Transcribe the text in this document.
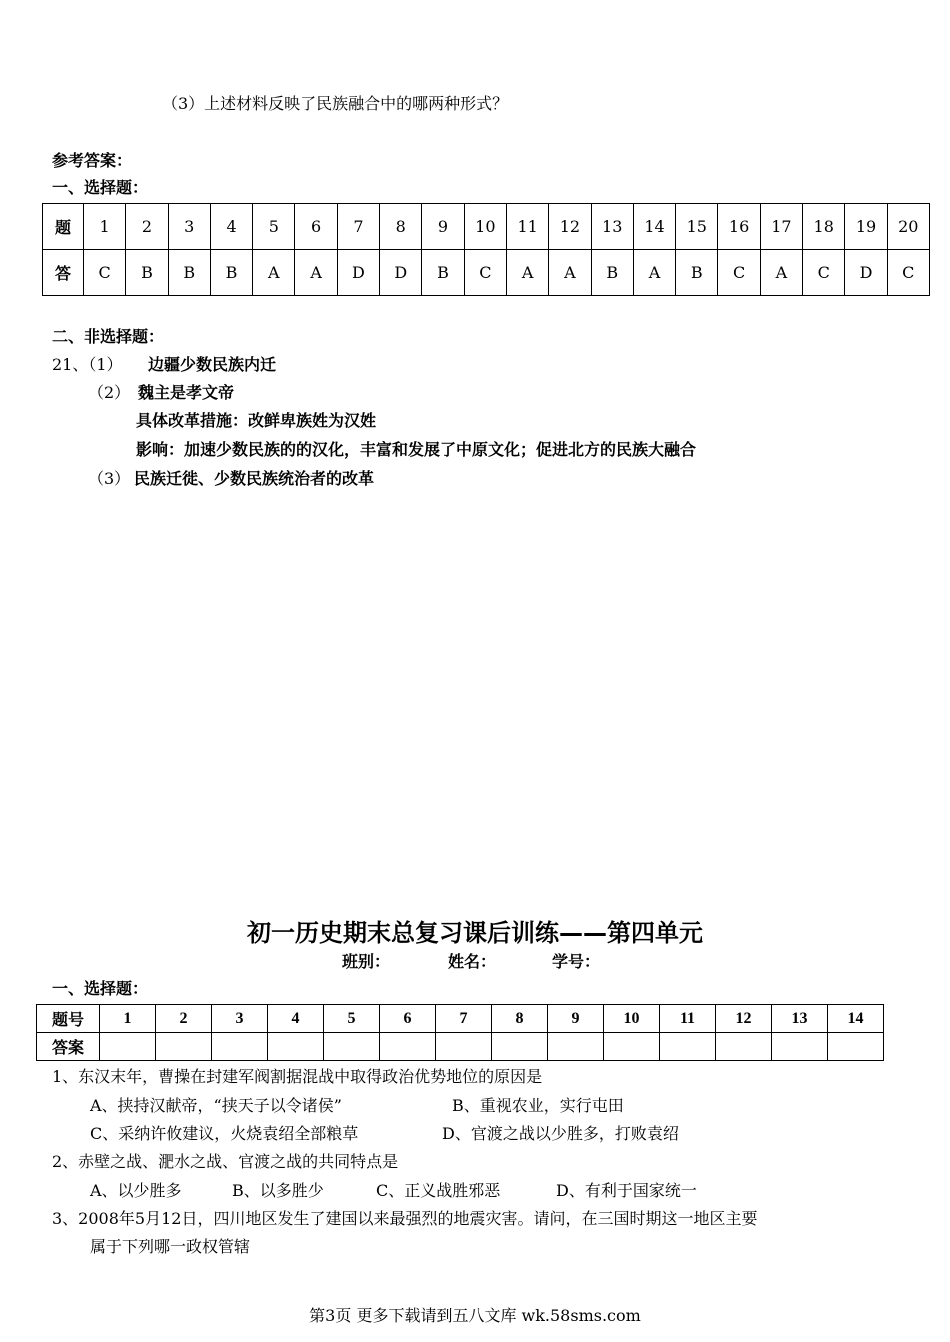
（3）上述材料反映了民族融合中的哪两种形式？
参考答案：
一、选择题：
题	1	2	3	4	5	6	7	8	9	10	11	12	13	14	15	16	17	18	19	20
答	C	B	B	B	A	A	D	D	B	C	A	A	B	A	B	C	A	C	D	C
二、非选择题：
21、（1） 边疆少数民族内迁
（2） 魏主是孝文帝
具体改革措施：改鲜卑族姓为汉姓
影响：加速少数民族的的汉化，丰富和发展了中原文化；促进北方的民族大融合
（3） 民族迁徙、少数民族统治者的改革
初一历史期末总复习课后训练——第四单元
班别：	姓名：	学号：
一、选择题：
题号	1	2	3	4	5	6	7	8	9	10	11	12	13	14
答案														
1、东汉末年，曹操在封建军阀割据混战中取得政治优势地位的原因是
A、挟持汉献帝，“挟天子以令诸侯”	B、重视农业，实行屯田
C、采纳许攸建议，火烧袁绍全部粮草	D、官渡之战以少胜多，打败袁绍
2、赤壁之战、淝水之战、官渡之战的共同特点是
A、以少胜多	B、以多胜少	C、正义战胜邪恶	D、有利于国家统一
3、2008年5月12日，四川地区发生了建国以来最强烈的地震灾害。请问，在三国时期这一地区主要
属于下列哪一政权管辖
第3页 更多下载请到五八文库 wk.58sms.com
